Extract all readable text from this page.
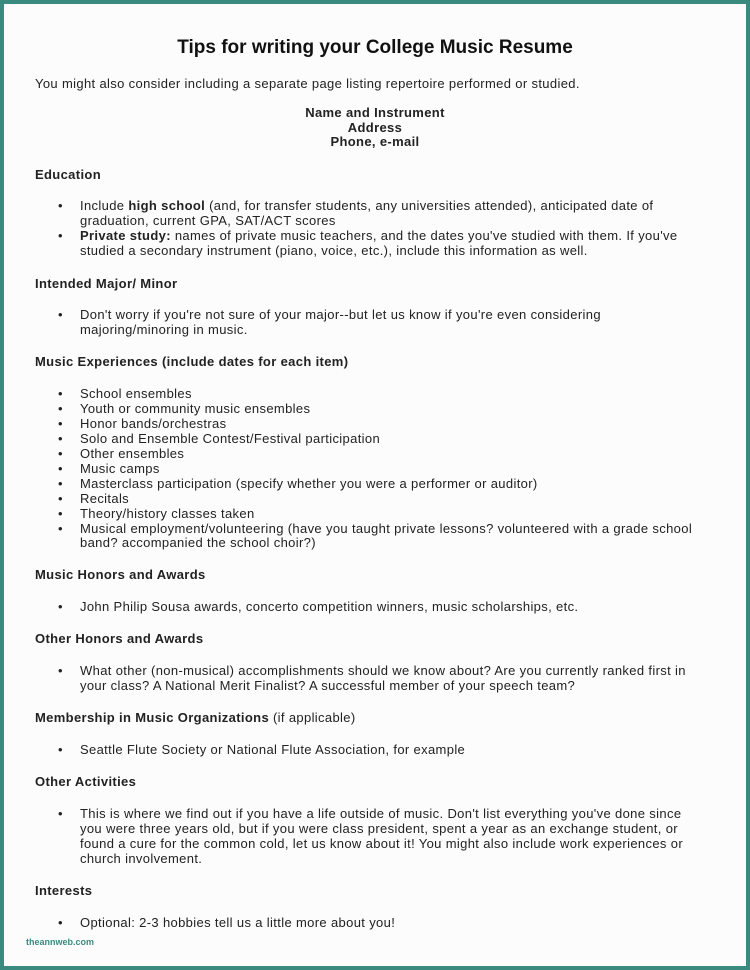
Tips for writing your College Music Resume
You might also consider including a separate page listing repertoire performed or studied.
Name and Instrument
Address
Phone, e-mail
Education
• Include high school (and, for transfer students, any universities attended), anticipated date of
graduation, current GPA, SAT/ACT scores
• Private study: names of private music teachers, and the dates you've studied with them. If you've
studied a secondary instrument (piano, voice, etc.), include this information as well.
Intended Major/ Minor
• Don't worry if you're not sure of your major--but let us know if you're even considering
majoring/minoring in music.
Music Experiences (include dates for each item)
• School ensembles
• Youth or community music ensembles
• Honor bands/orchestras
• Solo and Ensemble Contest/Festival participation
• Other ensembles
• Music camps
• Masterclass participation (specify whether you were a performer or auditor)
• Recitals
• Theory/history classes taken
• Musical employment/volunteering (have you taught private lessons? volunteered with a grade school
band? accompanied the school choir?)
Music Honors and Awards
• John Philip Sousa awards, concerto competition winners, music scholarships, etc.
Other Honors and Awards
• What other (non-musical) accomplishments should we know about? Are you currently ranked first in
your class? A National Merit Finalist? A successful member of your speech team?
Membership in Music Organizations (if applicable)
• Seattle Flute Society or National Flute Association, for example
Other Activities
• This is where we find out if you have a life outside of music. Don't list everything you've done since
you were three years old, but if you were class president, spent a year as an exchange student, or
found a cure for the common cold, let us know about it! You might also include work experiences or
church involvement.
Interests
• Optional: 2-3 hobbies tell us a little more about you!
theannweb.com
